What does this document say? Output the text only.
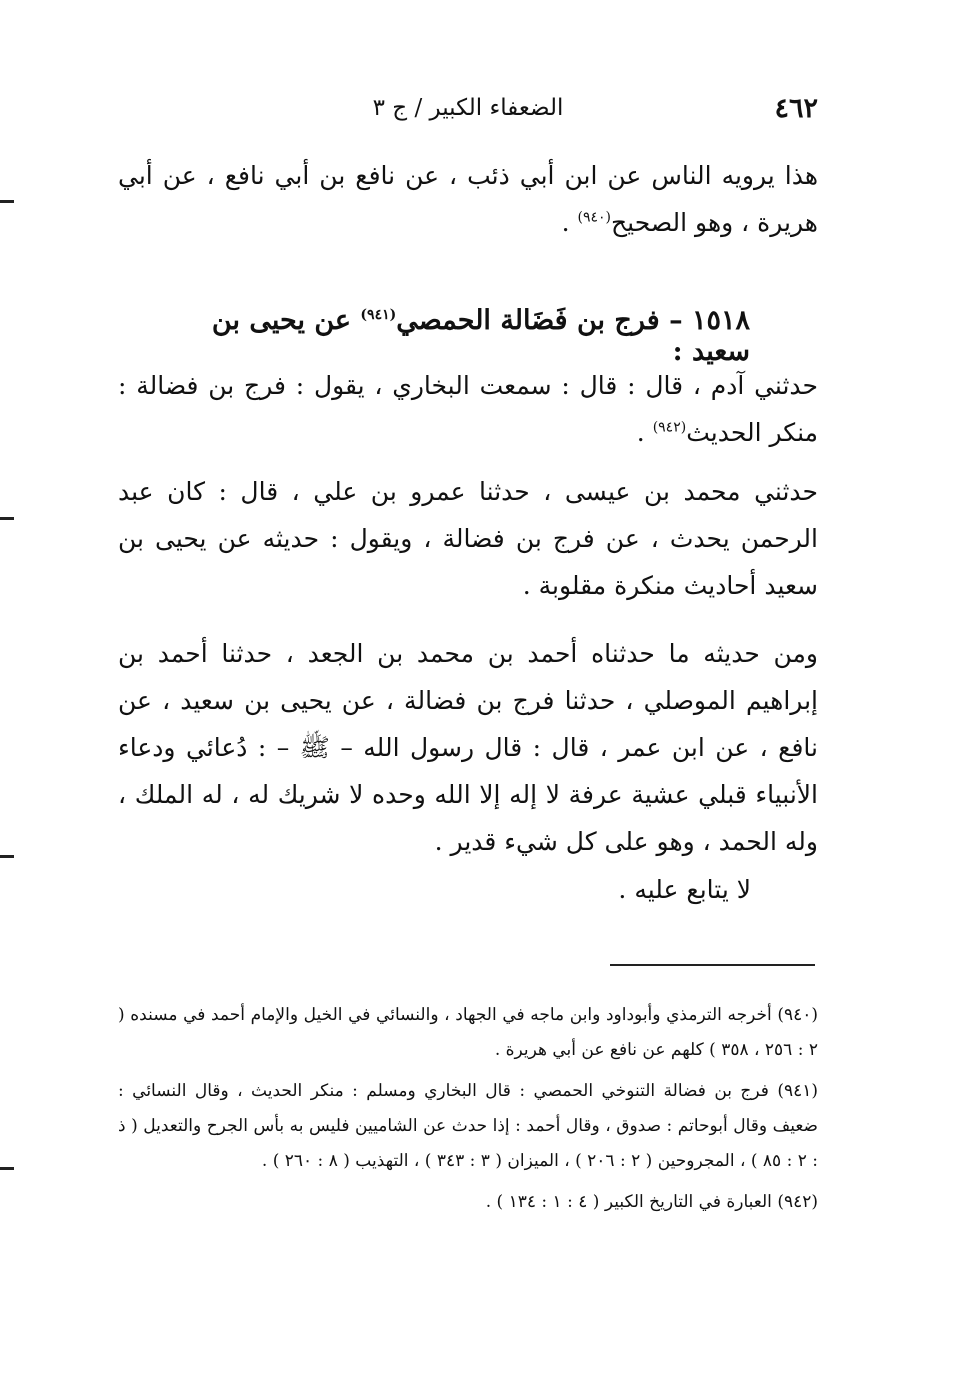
٤٦٢
الضعفاء الكبير / ج ٣
هذا يرويه الناس عن ابن أبي ذئب ، عن نافع بن أبي نافع ، عن أبي هريرة ، وهو الصحيح$^{(٩٤٠)}$ .
١٥١٨ – فرج بن فَضَالة الحمصي$^{(٩٤١)}$ عن يحيى بن سعيد :
حدثني آدم ، قال : قال : سمعت البخاري ، يقول : فرج بن فضالة : منكر الحديث$^{(٩٤٢)}$ .
حدثني محمد بن عيسى ، حدثنا عمرو بن علي ، قال : كان عبد الرحمن يحدث ، عن فرج بن فضالة ، ويقول : حديثه عن يحيى بن سعيد أحاديث منكرة مقلوبة .
ومن حديثه ما حدثناه أحمد بن محمد بن الجعد ، حدثنا أحمد بن إبراهيم الموصلي ، حدثنا فرج بن فضالة ، عن يحيى بن سعيد ، عن نافع ، عن ابن عمر ، قال : قال رسول الله – ﷺ – : دُعائي ودعاء الأنبياء قبلي عشية عرفة لا إله إلا الله وحده لا شريك له ، له الملك ، وله الحمد ، وهو على كل شيء قدير .
لا يتابع عليه .

(٩٤٠) أخرجه الترمذي وأبوداود وابن ماجه في الجهاد ، والنسائي في الخيل والإمام أحمد في مسنده ( ٢ : ٢٥٦ ، ٣٥٨ ) كلهم عن نافع عن أبي هريرة .

(٩٤١) فرج بن فضالة التنوخي الحمصي : قال البخاري ومسلم : منكر الحديث ، وقال النسائي : ضعيف وقال أبوحاتم : صدوق ، وقال أحمد : إذا حدث عن الشاميين فليس به بأس الجرح والتعديل ( ذ : ٢ : ٨٥ ) ، المجروحين ( ٢ : ٢٠٦ ) ، الميزان ( ٣ : ٣٤٣ ) ، التهذيب ( ٨ : ٢٦٠ ) .

(٩٤٢) العبارة في التاريخ الكبير ( ٤ : ١ : ١٣٤ ) .
